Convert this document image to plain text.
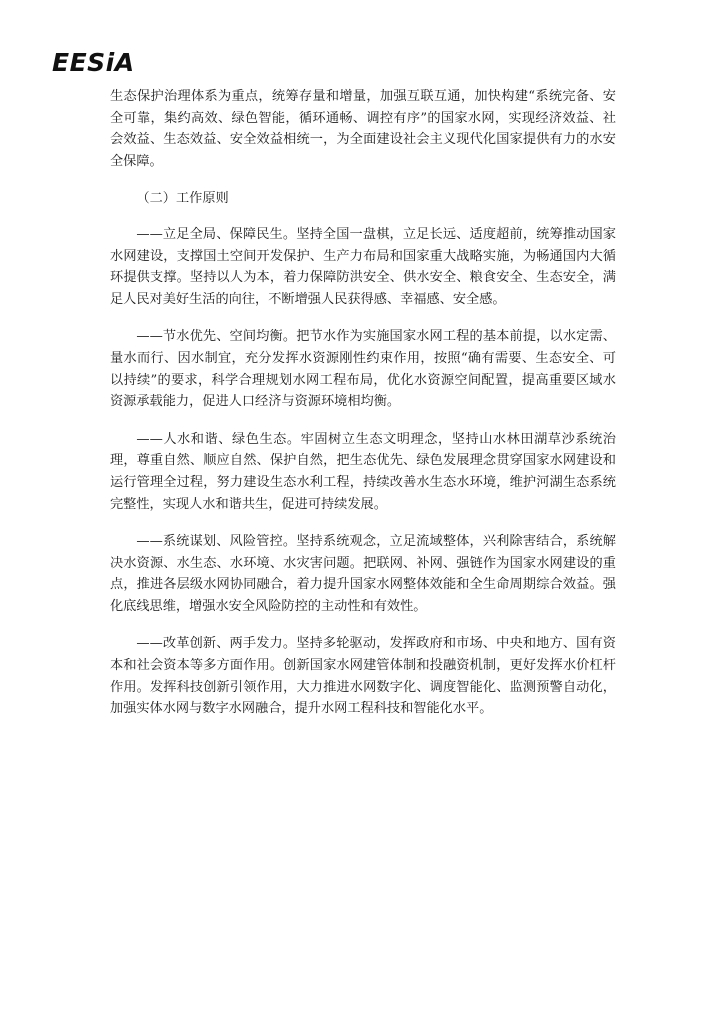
EESiA

生态保护治理体系为重点，统筹存量和增量，加强互联互通，加快构建“系统完备、安全可靠，集约高效、绿色智能，循环通畅、调控有序”的国家水网，实现经济效益、社会效益、生态效益、安全效益相统一，为全面建设社会主义现代化国家提供有力的水安全保障。

（二）工作原则

——立足全局、保障民生。坚持全国一盘棋，立足长远、适度超前，统筹推动国家水网建设，支撑国土空间开发保护、生产力布局和国家重大战略实施，为畅通国内大循环提供支撑。坚持以人为本，着力保障防洪安全、供水安全、粮食安全、生态安全，满足人民对美好生活的向往，不断增强人民获得感、幸福感、安全感。

——节水优先、空间均衡。把节水作为实施国家水网工程的基本前提，以水定需、量水而行、因水制宜，充分发挥水资源刚性约束作用，按照“确有需要、生态安全、可以持续”的要求，科学合理规划水网工程布局，优化水资源空间配置，提高重要区域水资源承载能力，促进人口经济与资源环境相均衡。

——人水和谐、绿色生态。牢固树立生态文明理念，坚持山水林田湖草沙系统治理，尊重自然、顺应自然、保护自然，把生态优先、绿色发展理念贯穿国家水网建设和运行管理全过程，努力建设生态水利工程，持续改善水生态水环境，维护河湖生态系统完整性，实现人水和谐共生，促进可持续发展。

——系统谋划、风险管控。坚持系统观念，立足流域整体，兴利除害结合，系统解决水资源、水生态、水环境、水灾害问题。把联网、补网、强链作为国家水网建设的重点，推进各层级水网协同融合，着力提升国家水网整体效能和全生命周期综合效益。强化底线思维，增强水安全风险防控的主动性和有效性。

——改革创新、两手发力。坚持多轮驱动，发挥政府和市场、中央和地方、国有资本和社会资本等多方面作用。创新国家水网建管体制和投融资机制，更好发挥水价杠杆作用。发挥科技创新引领作用，大力推进水网数字化、调度智能化、监测预警自动化，加强实体水网与数字水网融合，提升水网工程科技和智能化水平。
